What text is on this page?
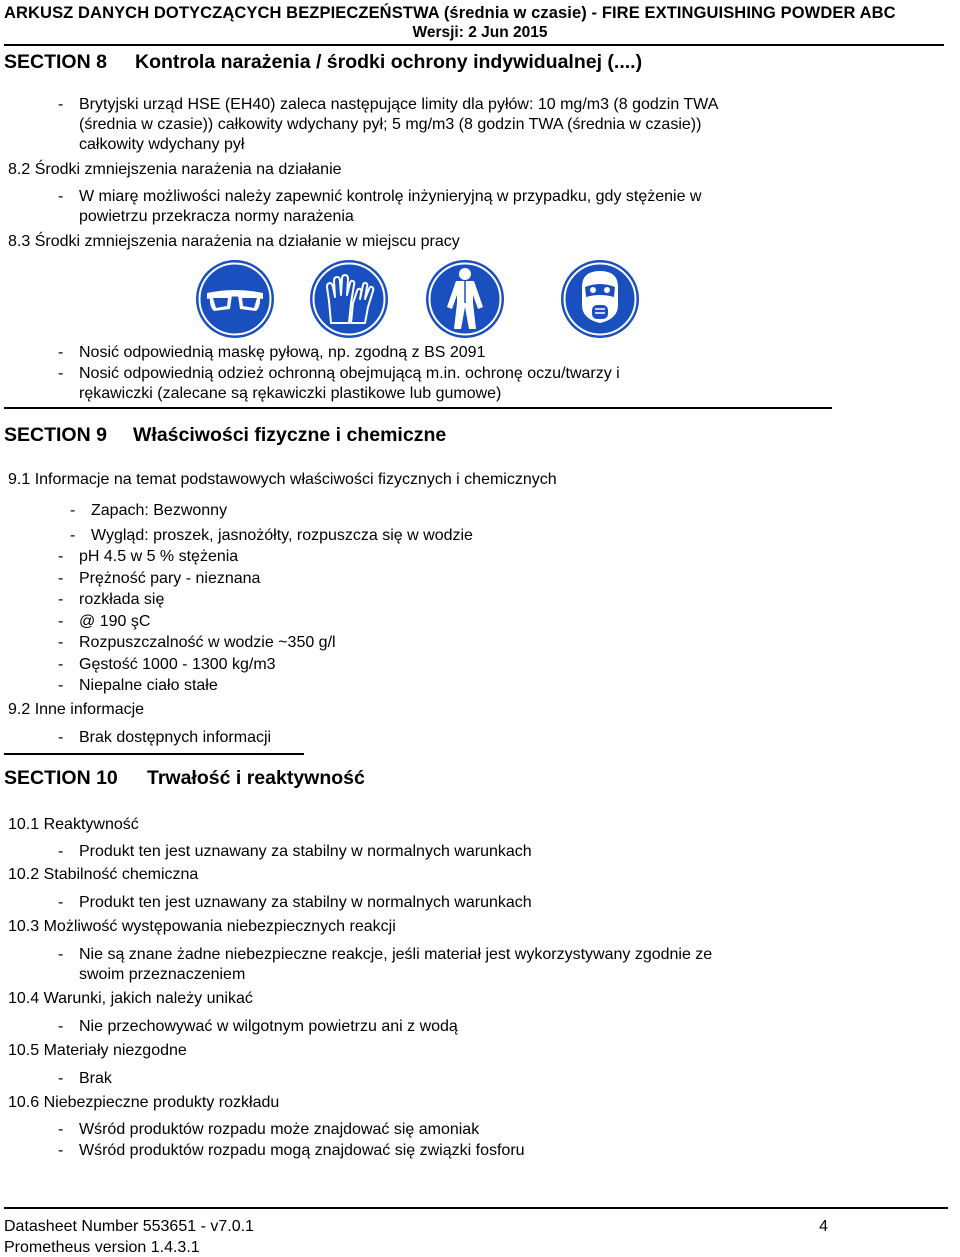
ARKUSZ DANYCH DOTYCZĄCYCH BEZPIECZEŃSTWA (średnia w czasie) - FIRE EXTINGUISHING POWDER ABC
Wersji: 2 Jun 2015
SECTION 8 Kontrola narażenia / środki ochrony indywidualnej (....)
- Brytyjski urząd HSE (EH40) zaleca następujące limity dla pyłów: 10 mg/m3 (8 godzin TWA
(średnia w czasie)) całkowity wdychany pył; 5 mg/m3 (8 godzin TWA (średnia w czasie))
całkowity wdychany pył
8.2 Środki zmniejszenia narażenia na działanie
- W miarę możliwości należy zapewnić kontrolę inżynieryjną w przypadku, gdy stężenie w
powietrzu przekracza normy narażenia
8.3 Środki zmniejszenia narażenia na działanie w miejscu pracy
- Nosić odpowiednią maskę pyłową, np. zgodną z BS 2091
- Nosić odpowiednią odzież ochronną obejmującą m.in. ochronę oczu/twarzy i
rękawiczki (zalecane są rękawiczki plastikowe lub gumowe)
SECTION 9 Właściwości fizyczne i chemiczne
9.1 Informacje na temat podstawowych właściwości fizycznych i chemicznych
- Zapach: Bezwonny
- Wygląd: proszek, jasnożółty, rozpuszcza się w wodzie
- pH 4.5 w 5 % stężenia
- Prężność pary - nieznana
- rozkłada się
- @ 190 şC
- Rozpuszczalność w wodzie ~350 g/l
- Gęstość 1000 - 1300 kg/m3
- Niepalne ciało stałe
9.2 Inne informacje
- Brak dostępnych informacji
SECTION 10 Trwałość i reaktywność
10.1 Reaktywność
- Produkt ten jest uznawany za stabilny w normalnych warunkach
10.2 Stabilność chemiczna
- Produkt ten jest uznawany za stabilny w normalnych warunkach
10.3 Możliwość występowania niebezpiecznych reakcji
- Nie są znane żadne niebezpieczne reakcje, jeśli materiał jest wykorzystywany zgodnie ze
swoim przeznaczeniem
10.4 Warunki, jakich należy unikać
- Nie przechowywać w wilgotnym powietrzu ani z wodą
10.5 Materiały niezgodne
- Brak
10.6 Niebezpieczne produkty rozkładu
- Wśród produktów rozpadu może znajdować się amoniak
- Wśród produktów rozpadu mogą znajdować się związki fosforu
Datasheet Number 553651 - v7.0.1	4
Prometheus version 1.4.3.1
